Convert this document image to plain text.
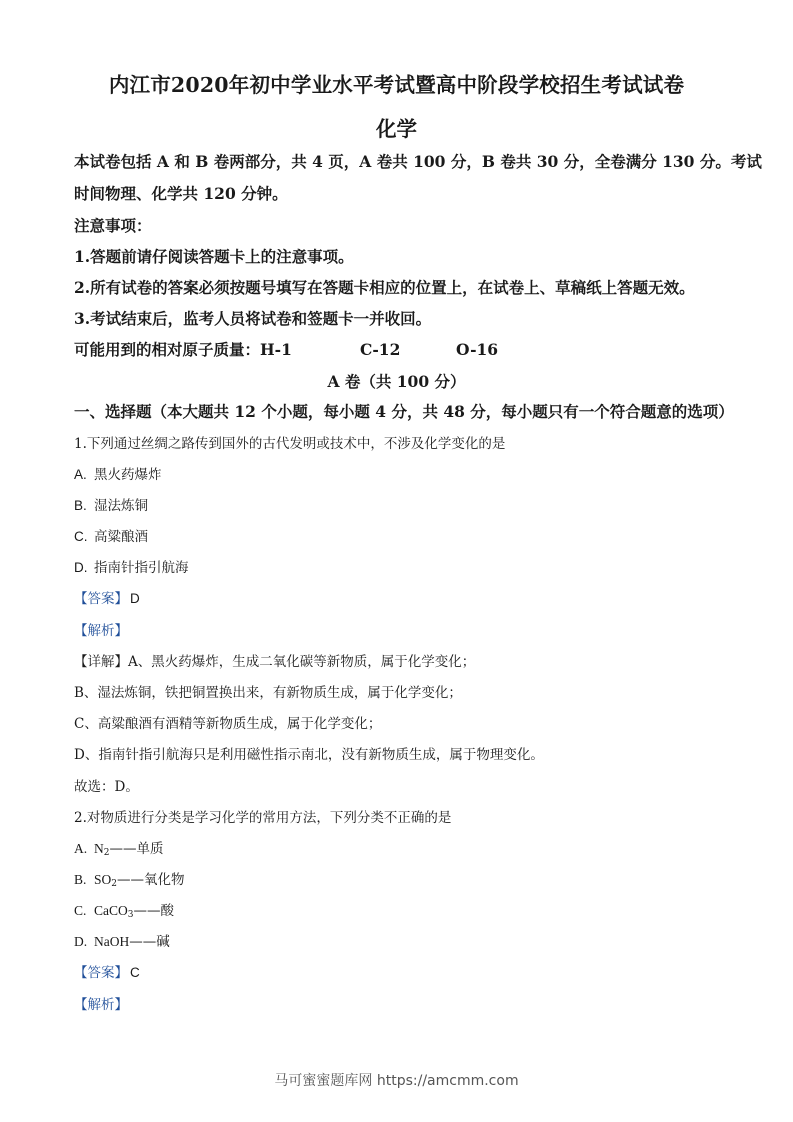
内江市2020年初中学业水平考试暨高中阶段学校招生考试试卷
化学
本试卷包括 A 和 B 卷两部分，共 4 页，A 卷共 100 分，B 卷共 30 分，全卷满分 130 分。考试
时间物理、化学共 120 分钟。
注意事项：
1.答题前请仔阅读答题卡上的注意事项。
2.所有试卷的答案必须按题号填写在答题卡相应的位置上，在试卷上、草稿纸上答题无效。
3.考试结束后，监考人员将试卷和签题卡一并收回。
可能用到的相对原子质量：H-1	C-12	O-16
A 卷（共 100 分）
一、选择题（本大题共 12 个小题，每小题 4 分，共 48 分，每小题只有一个符合题意的选项）
1.下列通过丝绸之路传到国外的古代发明或技术中，不涉及化学变化的是
A. 黑火药爆炸
B. 湿法炼铜
C. 高粱酿酒
D. 指南针指引航海
【答案】 D
【解析】
【详解】A、黑火药爆炸，生成二氧化碳等新物质，属于化学变化；
B、湿法炼铜，铁把铜置换出来，有新物质生成，属于化学变化；
C、高粱酿酒有酒精等新物质生成，属于化学变化；
D、指南针指引航海只是利用磁性指示南北，没有新物质生成，属于物理变化。
故选：D。
2.对物质进行分类是学习化学的常用方法，下列分类不正确的是
A. $N_2——$单质
B. $SO_2——$氧化物
C. CaCO$_3$——酸
D. NaOH——碱
【答案】 C
【解析】
马可蜜蜜题库网 https://amcmm.com
